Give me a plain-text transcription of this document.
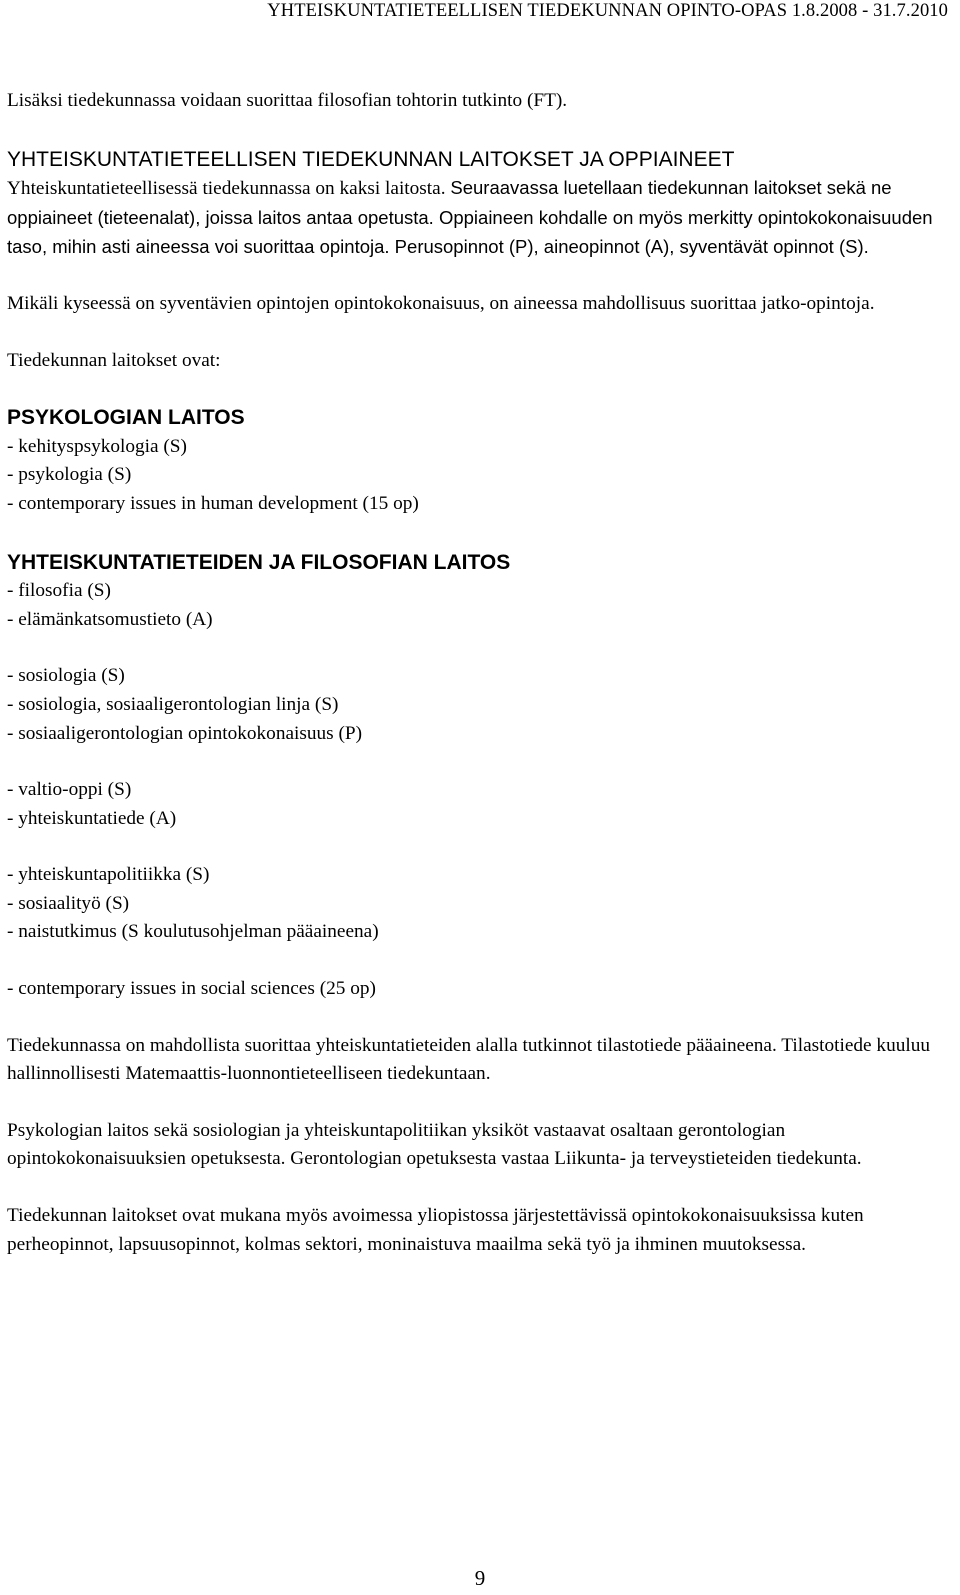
YHTEISKUNTATIETEELLISEN TIEDEKUNNAN OPINTO-OPAS 1.8.2008 - 31.7.2010

Lisäksi tiedekunnassa voidaan suorittaa filosofian tohtorin tutkinto (FT).

YHTEISKUNTATIETEELLISEN TIEDEKUNNAN LAITOKSET JA OPPIAINEET

Yhteiskuntatieteellisessä tiedekunnassa on kaksi laitosta. Seuraavassa luetellaan tiedekunnan laitokset sekä ne oppiaineet (tieteenalat), joissa laitos antaa opetusta. Oppiaineen kohdalle on myös merkitty opintokokonaisuuden taso, mihin asti aineessa voi suorittaa opintoja. Perusopinnot (P), aineopinnot (A), syventävät opinnot (S).

Mikäli kyseessä on syventävien opintojen opintokokonaisuus, on aineessa mahdollisuus suorittaa jatko-opintoja.

Tiedekunnan laitokset ovat:

PSYKOLOGIAN LAITOS

- kehityspsykologia (S)
- psykologia (S)
- contemporary issues in human development (15 op)

YHTEISKUNTATIETEIDEN JA FILOSOFIAN LAITOS

- filosofia (S)
- elämänkatsomustieto (A)
- sosiologia (S)
- sosiologia, sosiaaligerontologian linja (S)
- sosiaaligerontologian opintokokonaisuus (P)
- valtio-oppi (S)
- yhteiskuntatiede (A)
- yhteiskuntapolitiikka (S)
- sosiaalityö (S)
- naistutkimus (S koulutusohjelman pääaineena)
- contemporary issues in social sciences (25 op)

Tiedekunnassa on mahdollista suorittaa yhteiskuntatieteiden alalla tutkinnot tilastotiede pääaineena. Tilastotiede kuuluu hallinnollisesti Matemaattis-luonnontieteelliseen tiedekuntaan.

Psykologian laitos sekä sosiologian ja yhteiskuntapolitiikan yksiköt vastaavat osaltaan gerontologian opintokokonaisuuksien opetuksesta. Gerontologian opetuksesta vastaa Liikunta- ja terveystieteiden tiedekunta.

Tiedekunnan laitokset ovat mukana myös avoimessa yliopistossa järjestettävissä opintokokonaisuuksissa kuten perheopinnot, lapsuusopinnot, kolmas sektori, moninaistuva maailma sekä työ ja ihminen muutoksessa.

9
